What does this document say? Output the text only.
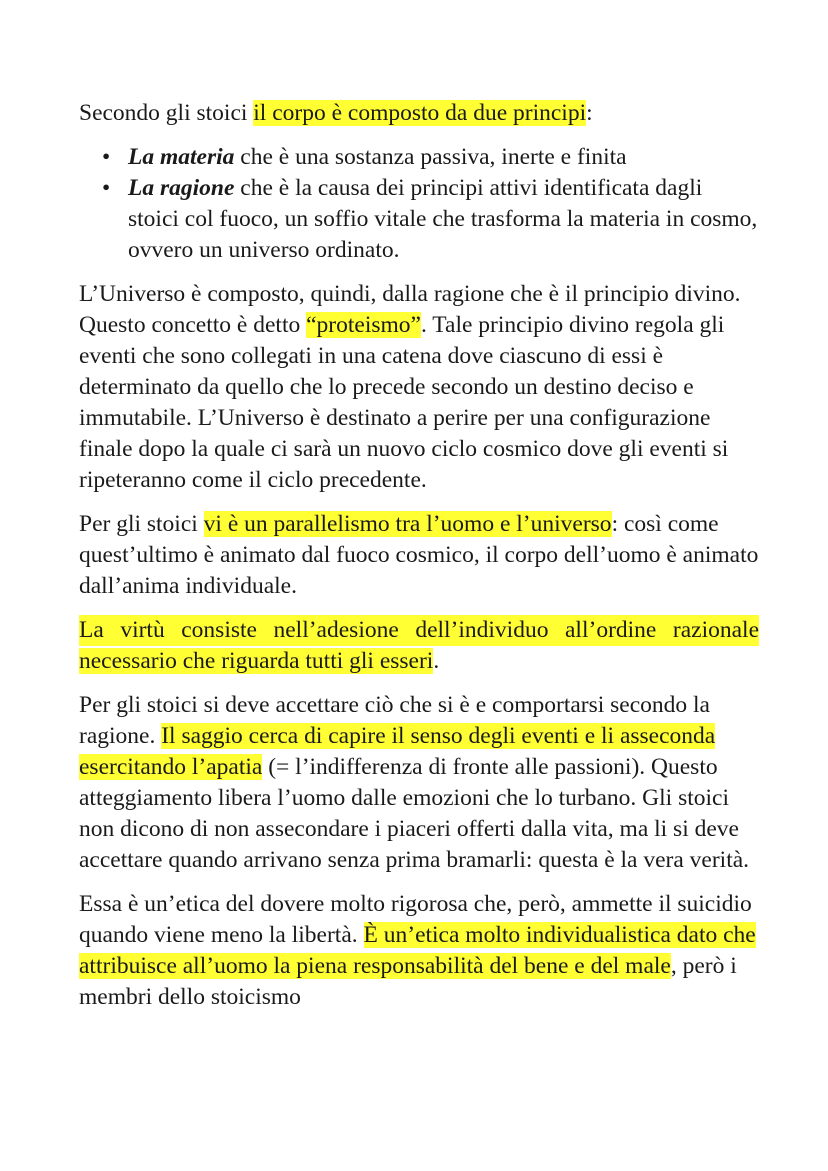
Secondo gli stoici il corpo è composto da due principi:

• La materia che è una sostanza passiva, inerte e finita
• La ragione che è la causa dei principi attivi identificata dagli stoici col fuoco, un soffio vitale che trasforma la materia in cosmo, ovvero un universo ordinato.

L’Universo è composto, quindi, dalla ragione che è il principio divino. Questo concetto è detto “proteismo”. Tale principio divino regola gli eventi che sono collegati in una catena dove ciascuno di essi è determinato da quello che lo precede secondo un destino deciso e immutabile. L’Universo è destinato a perire per una configurazione finale dopo la quale ci sarà un nuovo ciclo cosmico dove gli eventi si ripeteranno come il ciclo precedente.

Per gli stoici vi è un parallelismo tra l’uomo e l’universo: così come quest’ultimo è animato dal fuoco cosmico, il corpo dell’uomo è animato dall’anima individuale.

La virtù consiste nell’adesione dell’individuo all’ordine razionale
necessario che riguarda tutti gli esseri.

Per gli stoici si deve accettare ciò che si è e comportarsi secondo la ragione. Il saggio cerca di capire il senso degli eventi e li asseconda esercitando l’apatia (= l’indifferenza di fronte alle passioni). Questo atteggiamento libera l’uomo dalle emozioni che lo turbano. Gli stoici non dicono di non assecondare i piaceri offerti dalla vita, ma li si deve accettare quando arrivano senza prima bramarli: questa è la vera verità.

Essa è un’etica del dovere molto rigorosa che, però, ammette il suicidio quando viene meno la libertà. È un’etica molto individualistica dato che attribuisce all’uomo la piena responsabilità del bene e del male, però i membri dello stoicismo
